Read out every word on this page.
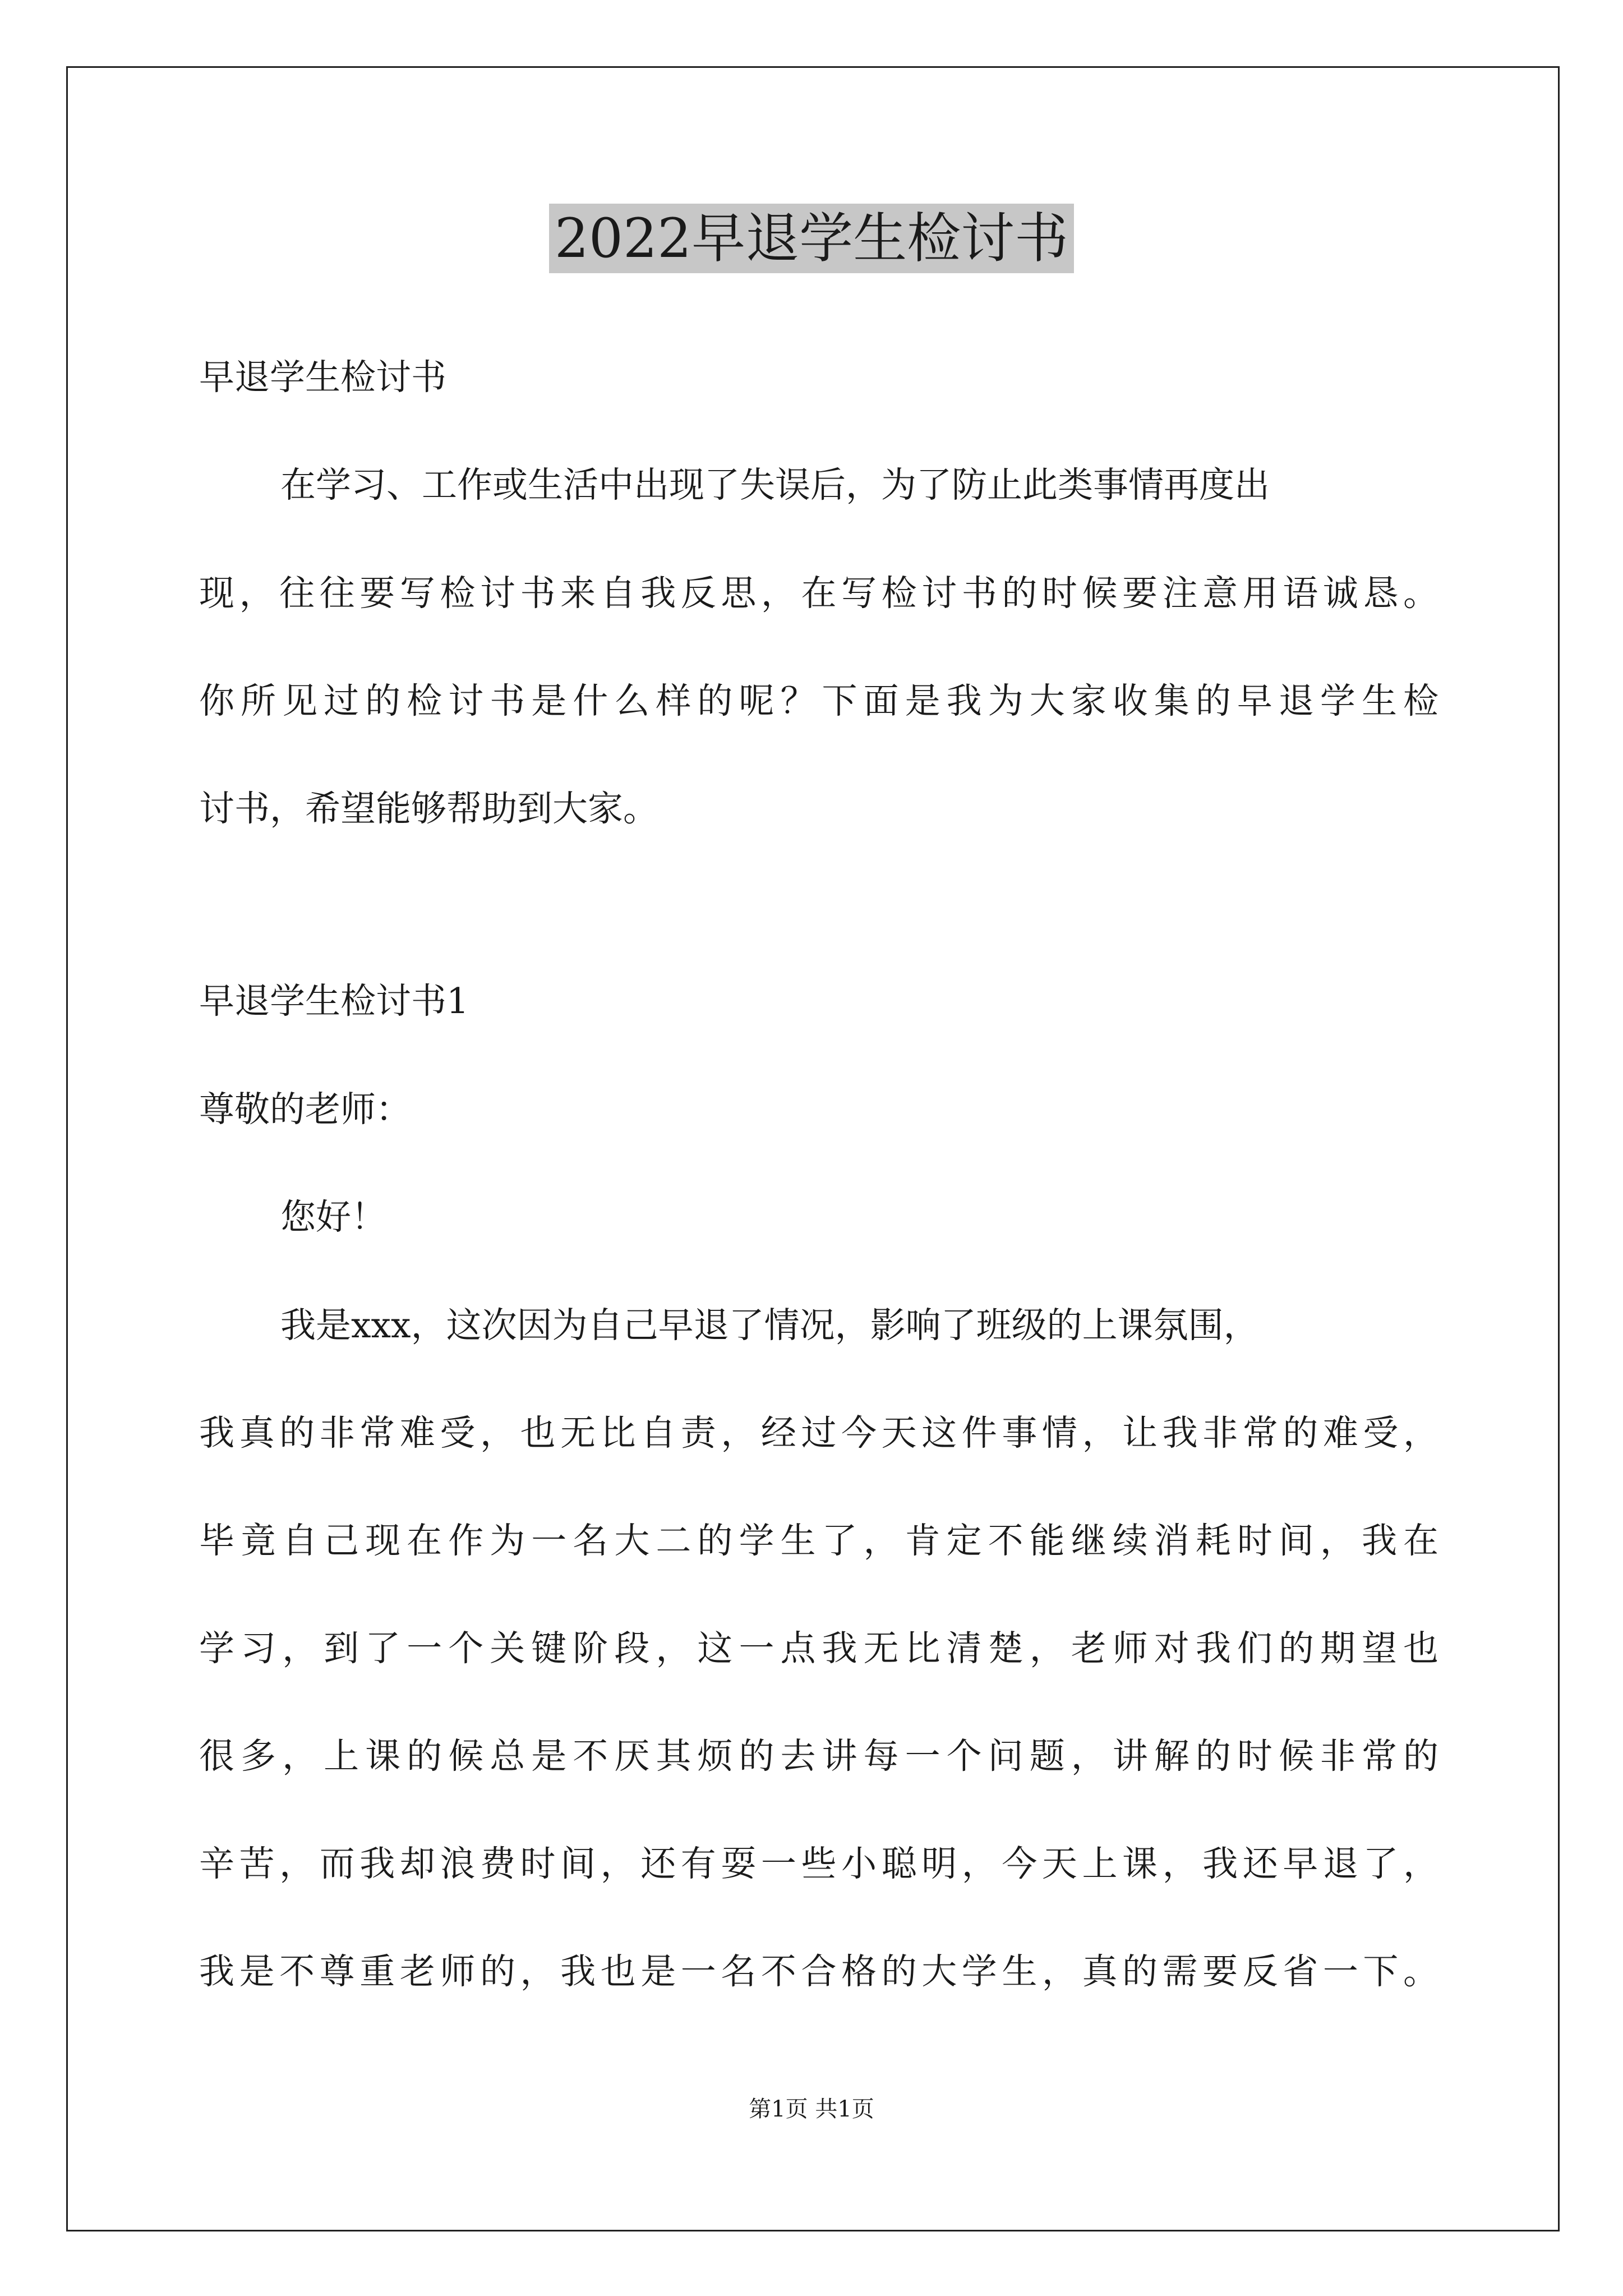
2022早退学生检讨书
早退学生检讨书
在学习、工作或生活中出现了失误后，为了防止此类事情再度出
现，往往要写检讨书来自我反思，在写检讨书的时候要注意用语诚恳。
你所见过的检讨书是什么样的呢？下面是我为大家收集的早退学生检
讨书，希望能够帮助到大家。
早退学生检讨书1
尊敬的老师：
您好！
我是xxx，这次因为自己早退了情况，影响了班级的上课氛围，
我真的非常难受，也无比自责，经过今天这件事情，让我非常的难受，
毕竟自己现在作为一名大二的学生了，肯定不能继续消耗时间，我在
学习，到了一个关键阶段，这一点我无比清楚，老师对我们的期望也
很多，上课的候总是不厌其烦的去讲每一个问题，讲解的时候非常的
辛苦，而我却浪费时间，还有耍一些小聪明，今天上课，我还早退了，
我是不尊重老师的，我也是一名不合格的大学生，真的需要反省一下。
第1页 共1页
